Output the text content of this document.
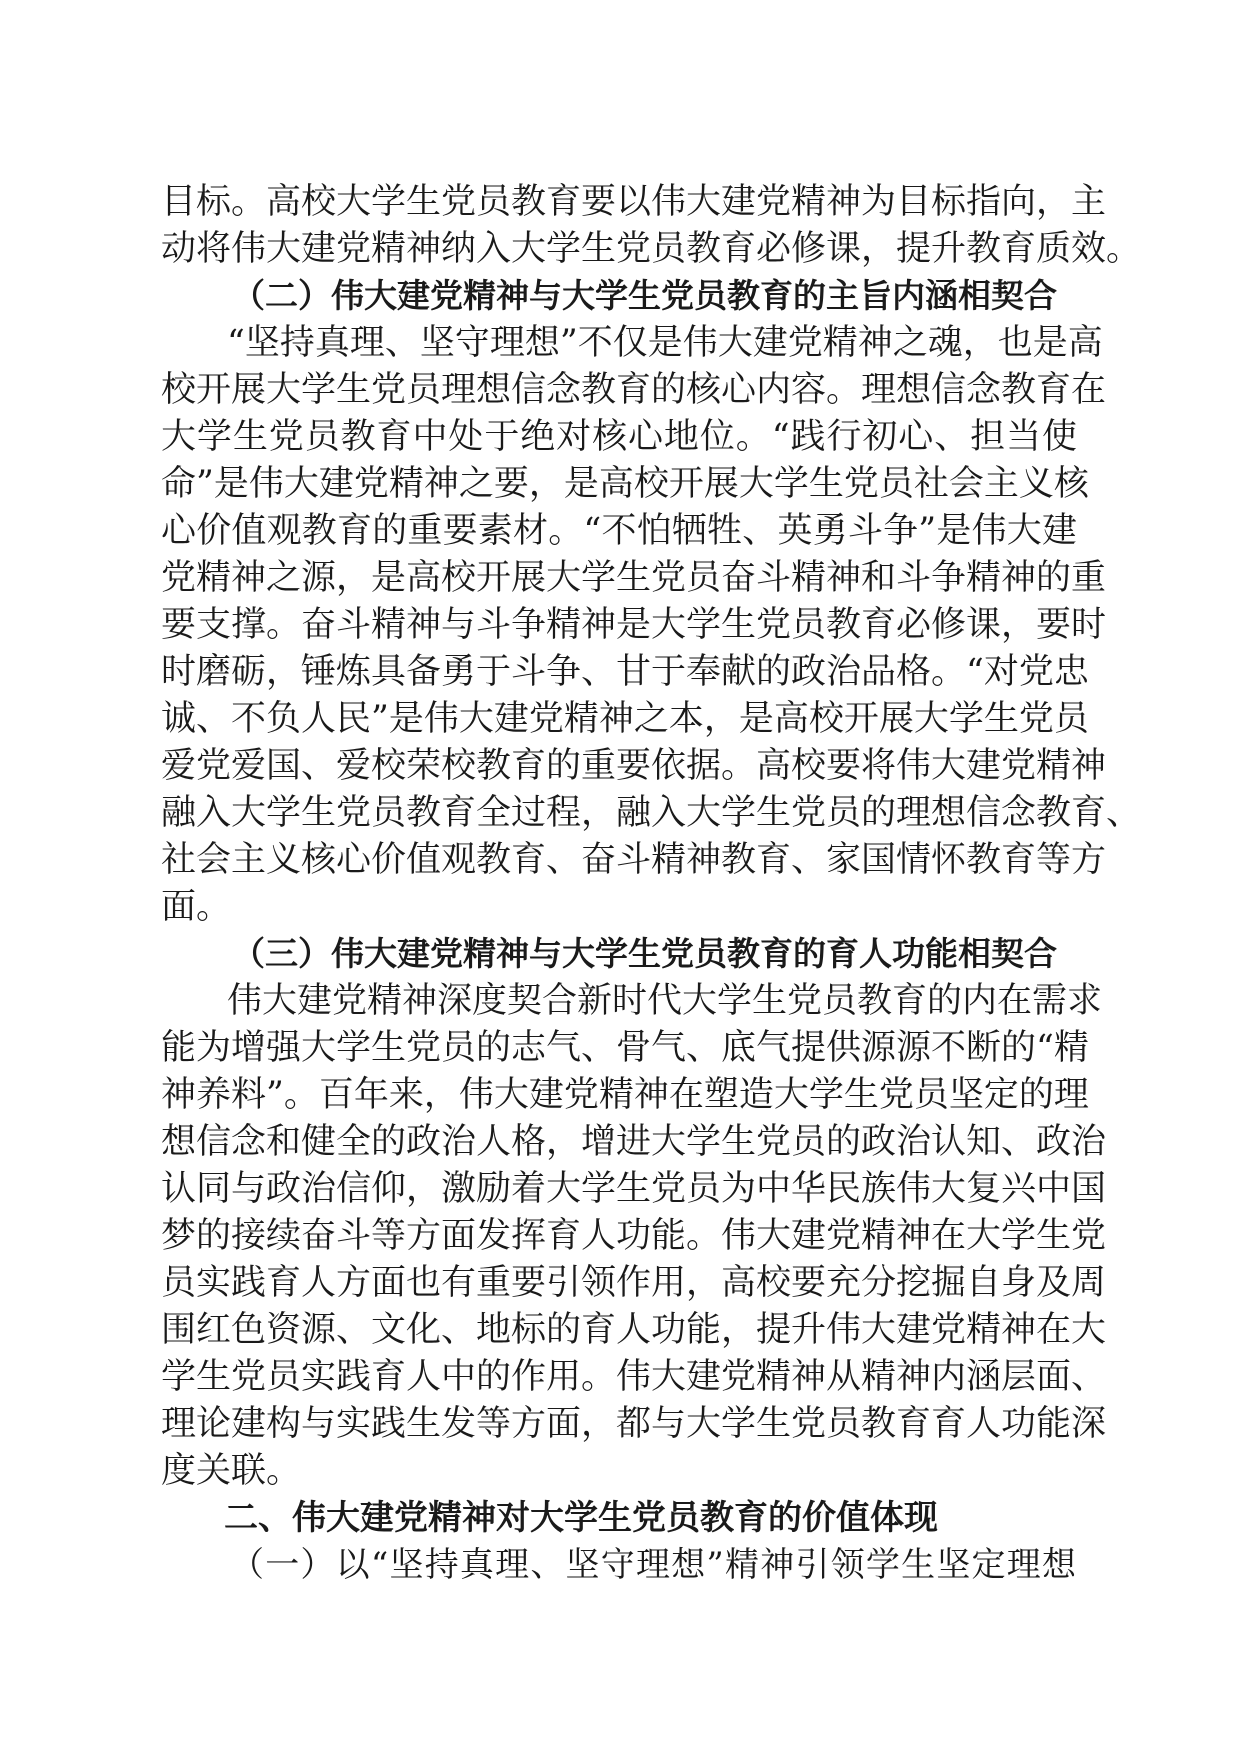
目标。高校大学生党员教育要以伟大建党精神为目标指向，主
动将伟大建党精神纳入大学生党员教育必修课，提升教育质效。
（二）伟大建党精神与大学生党员教育的主旨内涵相契合
“坚持真理、坚守理想”不仅是伟大建党精神之魂，也是高
校开展大学生党员理想信念教育的核心内容。理想信念教育在
大学生党员教育中处于绝对核心地位。“践行初心、担当使
命”是伟大建党精神之要，是高校开展大学生党员社会主义核
心价值观教育的重要素材。“不怕牺牲、英勇斗争”是伟大建
党精神之源，是高校开展大学生党员奋斗精神和斗争精神的重
要支撑。奋斗精神与斗争精神是大学生党员教育必修课，要时
时磨砺，锤炼具备勇于斗争、甘于奉献的政治品格。“对党忠
诚、不负人民”是伟大建党精神之本，是高校开展大学生党员
爱党爱国、爱校荣校教育的重要依据。高校要将伟大建党精神
融入大学生党员教育全过程，融入大学生党员的理想信念教育、
社会主义核心价值观教育、奋斗精神教育、家国情怀教育等方
面。
（三）伟大建党精神与大学生党员教育的育人功能相契合
伟大建党精神深度契合新时代大学生党员教育的内在需求
能为增强大学生党员的志气、骨气、底气提供源源不断的“精
神养料”。百年来，伟大建党精神在塑造大学生党员坚定的理
想信念和健全的政治人格，增进大学生党员的政治认知、政治
认同与政治信仰，激励着大学生党员为中华民族伟大复兴中国
梦的接续奋斗等方面发挥育人功能。伟大建党精神在大学生党
员实践育人方面也有重要引领作用，高校要充分挖掘自身及周
围红色资源、文化、地标的育人功能，提升伟大建党精神在大
学生党员实践育人中的作用。伟大建党精神从精神内涵层面、
理论建构与实践生发等方面，都与大学生党员教育育人功能深
度关联。
二、伟大建党精神对大学生党员教育的价值体现
（一）以“坚持真理、坚守理想”精神引领学生坚定理想
